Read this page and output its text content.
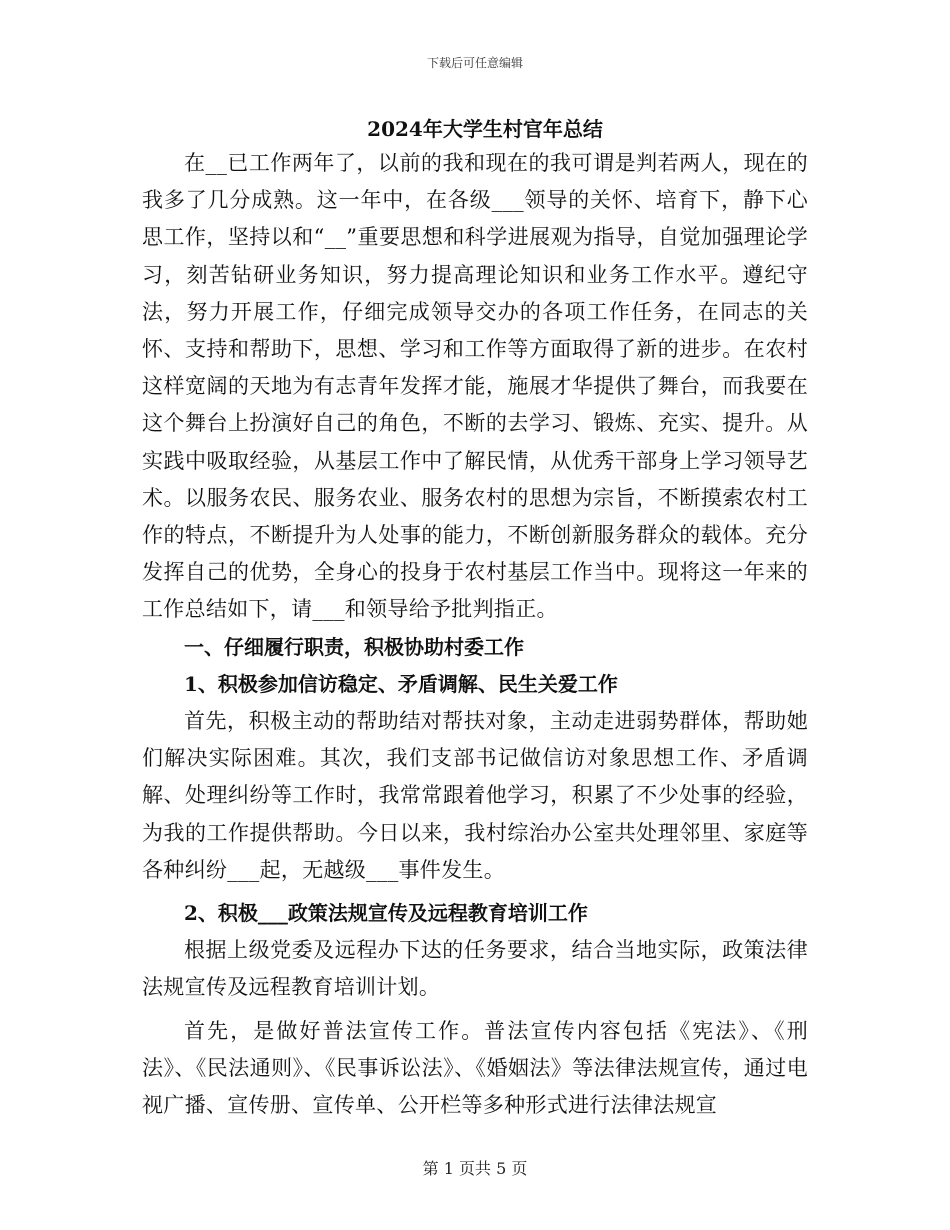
下载后可任意编辑
2024年大学生村官年总结

在__已工作两年了，以前的我和现在的我可谓是判若两人，现在的我多了几分成熟。这一年中，在各级___领导的关怀、培育下，静下心思工作，坚持以和“__”重要思想和科学进展观为指导，自觉加强理论学习，刻苦钻研业务知识，努力提高理论知识和业务工作水平。遵纪守法，努力开展工作，仔细完成领导交办的各项工作任务，在同志的关怀、支持和帮助下，思想、学习和工作等方面取得了新的进步。在农村这样宽阔的天地为有志青年发挥才能，施展才华提供了舞台，而我要在这个舞台上扮演好自己的角色，不断的去学习、锻炼、充实、提升。从实践中吸取经验，从基层工作中了解民情，从优秀干部身上学习领导艺术。以服务农民、服务农业、服务农村的思想为宗旨，不断摸索农村工作的特点，不断提升为人处事的能力，不断创新服务群众的载体。充分发挥自己的优势，全身心的投身于农村基层工作当中。现将这一年来的工作总结如下，请___和领导给予批判指正。

一、仔细履行职责，积极协助村委工作

1、积极参加信访稳定、矛盾调解、民生关爱工作

首先，积极主动的帮助结对帮扶对象，主动走进弱势群体，帮助她们解决实际困难。其次，我们支部书记做信访对象思想工作、矛盾调解、处理纠纷等工作时，我常常跟着他学习，积累了不少处事的经验，为我的工作提供帮助。今日以来，我村综治办公室共处理邻里、家庭等各种纠纷___起，无越级___事件发生。

2、积极___政策法规宣传及远程教育培训工作

根据上级党委及远程办下达的任务要求，结合当地实际，政策法律法规宣传及远程教育培训计划。

首先，是做好普法宣传工作。普法宣传内容包括《宪法》、《刑法》、《民法通则》、《民事诉讼法》、《婚姻法》等法律法规宣传，通过电视广播、宣传册、宣传单、公开栏等多种形式进行法律法规宣

第 1 页共 5 页
